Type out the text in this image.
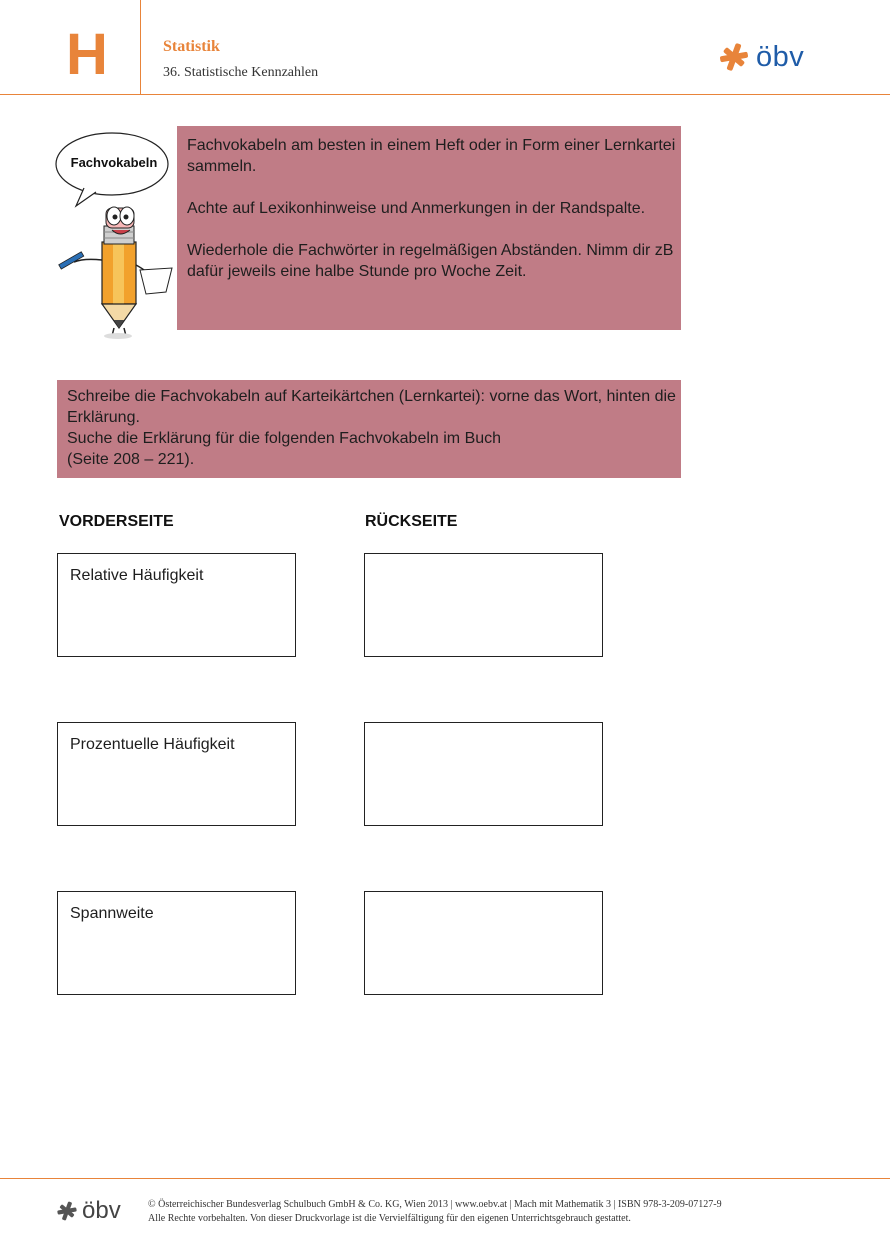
H	Statistik
36. Statistische Kennzahlen	öbv
Fachvokabeln

Fachvokabeln am besten in einem Heft oder in Form einer Lernkartei sammeln.

Achte auf Lexikonhinweise und Anmerkungen in der Randspalte.

Wiederhole die Fachwörter in regelmäßigen Abständen. Nimm dir zB dafür jeweils eine halbe Stunde pro Woche Zeit.

Schreibe die Fachvokabeln auf Karteikärtchen (Lernkartei): vorne das Wort, hinten die Erklärung.

Suche die Erklärung für die folgenden Fachvokabeln im Buch

(Seite 208 – 221).

VORDERSEITE	RÜCKSEITE
Relative Häufigkeit
Prozentuelle Häufigkeit
Spannweite
öbv	© Österreichischer Bundesverlag Schulbuch GmbH & Co. KG, Wien 2013 | www.oebv.at | Mach mit Mathematik 3 | ISBN 978-3-209-07127-9
Alle Rechte vorbehalten. Von dieser Druckvorlage ist die Vervielfältigung für den eigenen Unterrichtsgebrauch gestattet.
